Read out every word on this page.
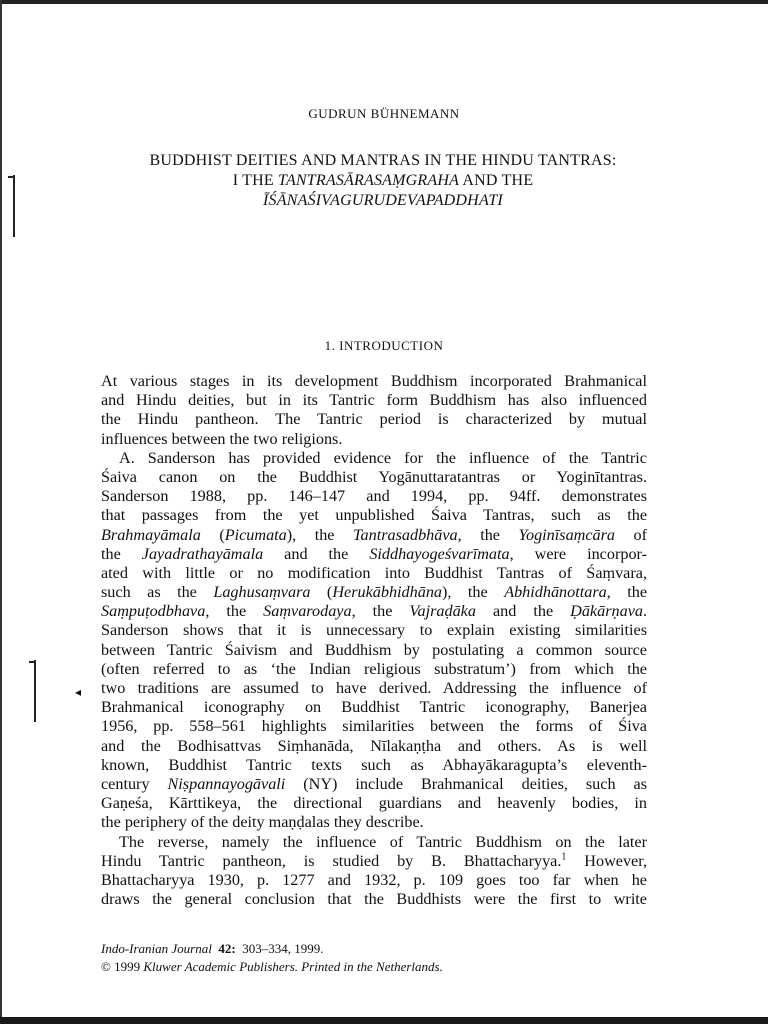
◂
GUDRUN BÜHNEMANN
BUDDHIST DEITIES AND MANTRAS IN THE HINDU TANTRAS:
I THE TANTRASĀRASAṂGRAHA AND THE
ĪŚĀNAŚIVAGURUDEVAPADDHATI
1. INTRODUCTION
At various stages in its development Buddhism incorporated Brahmanical
and Hindu deities, but in its Tantric form Buddhism has also influenced
the Hindu pantheon. The Tantric period is characterized by mutual
influences between the two religions.
A. Sanderson has provided evidence for the influence of the Tantric
Śaiva canon on the Buddhist Yogānuttaratantras or Yoginītantras.
Sanderson 1988, pp. 146–147 and 1994, pp. 94ff. demonstrates
that passages from the yet unpublished Śaiva Tantras, such as the
Brahmayāmala (Picumata), the Tantrasadbhāva, the Yoginīsaṃcāra of
the Jayadrathayāmala and the Siddhayogeśvarīmata, were incorpor-
ated with little or no modification into Buddhist Tantras of Śaṃvara,
such as the Laghusaṃvara (Herukābhidhāna), the Abhidhānottara, the
Saṃpuṭodbhava, the Saṃvarodaya, the Vajraḍāka and the Ḍākārṇava.
Sanderson shows that it is unnecessary to explain existing similarities
between Tantric Śaivism and Buddhism by postulating a common source
(often referred to as ‘the Indian religious substratum’) from which the
two traditions are assumed to have derived. Addressing the influence of
Brahmanical iconography on Buddhist Tantric iconography, Banerjea
1956, pp. 558–561 highlights similarities between the forms of Śiva
and the Bodhisattvas Siṃhanāda, Nīlakaṇṭha and others. As is well
known, Buddhist Tantric texts such as Abhayākaragupta’s eleventh-
century Niṣpannayogāvali (NY) include Brahmanical deities, such as
Gaṇeśa, Kārttikeya, the directional guardians and heavenly bodies, in
the periphery of the deity maṇḍalas they describe.
The reverse, namely the influence of Tantric Buddhism on the later
Hindu Tantric pantheon, is studied by B. Bhattacharyya.$^1$ However,
Bhattacharyya 1930, p. 1277 and 1932, p. 109 goes too far when he
draws the general conclusion that the Buddhists were the first to write
Indo-Iranian Journal 42: 303–334, 1999.
© 1999 Kluwer Academic Publishers. Printed in the Netherlands.
